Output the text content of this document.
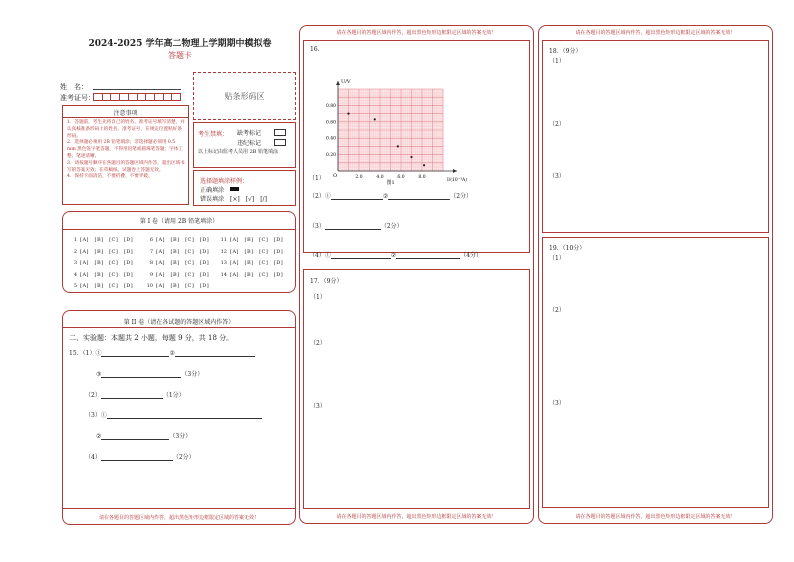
2024-2025 学年高二物理上学期期中模拟卷
答题卡
姓　名：
准考证号：	贴条形码区
注意事项
1．答题前，考生先将自己的姓名、准考证号填写清楚，并认真核准条形码上的姓名、准考证号，在规定位置贴好条形码。
2．选择题必须用 2B 铅笔填涂；非选择题必须用 0.5 mm 黑色签字笔答题，不得用铅笔或圆珠笔答题；字体工整、笔迹清晰。
3．请按题号顺序在各题目的答题区域内作答，超出区域书写的答案无效；在草稿纸、试题卷上答题无效。
4．保持卡面清洁，不要折叠、不要弄破。
考生禁填： 缺考标记
违纪标记
以上标记由监考人员用 2B 铅笔填涂
选择题填涂样例：
正确填涂
错误填涂 [×]　[√]　[/]
第 I 卷（请用 2B 铅笔填涂）
1 [A]　[B]　[C]　[D]
2 [A]　[B]　[C]　[D]
3 [A]　[B]　[C]　[D]
4 [A]　[B]　[C]　[D]
5 [A]　[B]　[C]　[D]
6 [A]　[B]　[C]　[D]
7 [A]　[B]　[C]　[D]
8 [A]　[B]　[C]　[D]
9 [A]　[B]　[C]　[D]
10 [A]　[B]　[C]　[D]
11 [A]　[B]　[C]　[D]
12 [A]　[B]　[C]　[D]
13 [A]　[B]　[C]　[D]
14 [A]　[B]　[C]　[D]
第 II 卷（请在各试题的答题区域内作答）
二、实验题：本题共 2 小题，每题 9 分，共 18 分。
15．（1）①	②
③	（3分）
（2）	（1分）
（3）①
②	（3分）
（4）	（2分）
请在各题目的答题区域内作答，超出黑色矩形边框限定区域的答案无效！
请在各题目的答题区域内作答，超出黑色矩形边框限定区域的答案无效！
16.
U/V
I/(10⁻³A)
O
0.80
0.60
0.40
0.20
2.0	4.0	6.0	8.0
图1
（1）
（2）①	②	（2分）
（3）	（2分）
（4）①	②	（4分）
17．（9分）
（1）
（2）
（3）
请在各题目的答题区域内作答，超出黑色矩形边框限定区域的答案无效！
请在各题目的答题区域内作答，超出黑色矩形边框限定区域的答案无效！
18．（9分）
（1）
（2）
（3）
19．（10分）
（1）
（2）
（3）
请在各题目的答题区域内作答，超出黑色矩形边框限定区域的答案无效！
